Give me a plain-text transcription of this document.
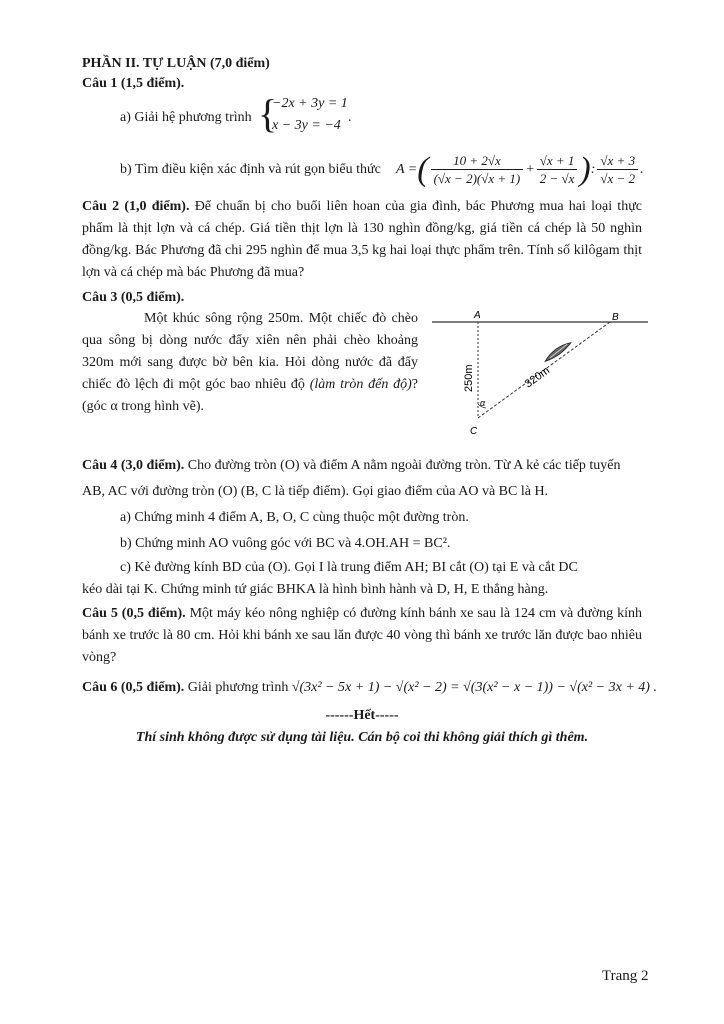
PHẦN II. TỰ LUẬN (7,0 điểm)
Câu 1 (1,5 điểm).
a) Giải hệ phương trình {
−2x + 3y = 1
x − 3y = −4
.
b) Tìm điều kiện xác định và rút gọn biểu thức A =( $\frac{10 + 2√x}{(√x - 2)(√x + 1)} + \frac{√x + 1}{2 - √x}$ ): $\frac{√x + 3}{√x - 2}$ .
Câu 2 (1,0 điểm). Để chuẩn bị cho buổi liên hoan của gia đình, bác Phương mua hai loại thực phẩm là thịt lợn và cá chép. Giá tiền thịt lợn là 130 nghìn đồng/kg, giá tiền cá chép là 50 nghìn đồng/kg. Bác Phương đã chi 295 nghìn để mua 3,5 kg hai loại thực phẩm trên. Tính số kilôgam thịt lợn và cá chép mà bác Phương đã mua?
Câu 3 (0,5 điểm).
Một khúc sông rộng 250m. Một chiếc đò chèo qua sông bị dòng nước đẩy xiên nên phải chèo khoảng 320m mới sang được bờ bên kia. Hỏi dòng nước đã đẩy chiếc đò lệch đi một góc bao nhiêu độ (làm tròn đến độ)? (góc α trong hình vẽ).
A	B
C
α
250m	320m
Câu 4 (3,0 điểm). Cho đường tròn (O) và điểm A nằm ngoài đường tròn. Từ A kẻ các tiếp tuyến
AB, AC với đường tròn (O) (B, C là tiếp điểm). Gọi giao điểm của AO và BC là H.
a) Chứng minh 4 điểm A, B, O, C cùng thuộc một đường tròn.
b) Chứng minh AO vuông góc với BC và 4.OH.AH = BC².
c) Kẻ đường kính BD của (O). Gọi I là trung điểm AH; BI cắt (O) tại E và cắt DC
kéo dài tại K. Chứng minh tứ giác BHKA là hình bình hành và D, H, E thẳng hàng.
Câu 5 (0,5 điểm). Một máy kéo nông nghiệp có đường kính bánh xe sau là 124 cm và đường kính bánh xe trước là 80 cm. Hỏi khi bánh xe sau lăn được 40 vòng thì bánh xe trước lăn được bao nhiêu vòng?
Câu 6 (0,5 điểm). Giải phương trình √(3x² − 5x + 1) − √(x² − 2) = √(3(x² − x − 1)) − √(x² − 3x + 4) .
------Hết-----
Thí sinh không được sử dụng tài liệu. Cán bộ coi thi không giải thích gì thêm.
Trang 2
